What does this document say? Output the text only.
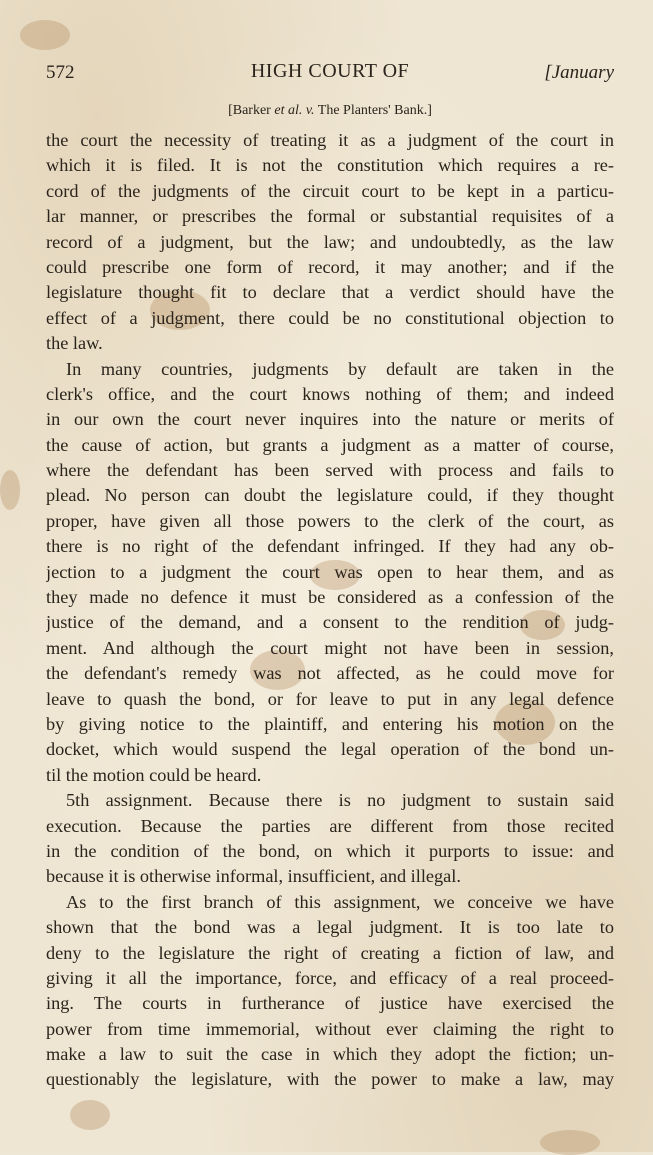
572	HIGH COURT OF	[January
[Barker et al. v. The Planters' Bank.]
the court the necessity of treating it as a judgment of the court in
which it is filed. It is not the constitution which requires a re-
cord of the judgments of the circuit court to be kept in a particu-
lar manner, or prescribes the formal or substantial requisites of a
record of a judgment, but the law; and undoubtedly, as the law
could prescribe one form of record, it may another; and if the
legislature thought fit to declare that a verdict should have the
effect of a judgment, there could be no constitutional objection to
the law.
In many countries, judgments by default are taken in the
clerk's office, and the court knows nothing of them; and indeed
in our own the court never inquires into the nature or merits of
the cause of action, but grants a judgment as a matter of course,
where the defendant has been served with process and fails to
plead. No person can doubt the legislature could, if they thought
proper, have given all those powers to the clerk of the court, as
there is no right of the defendant infringed. If they had any ob-
jection to a judgment the court was open to hear them, and as
they made no defence it must be considered as a confession of the
justice of the demand, and a consent to the rendition of judg-
ment. And although the court might not have been in session,
the defendant's remedy was not affected, as he could move for
leave to quash the bond, or for leave to put in any legal defence
by giving notice to the plaintiff, and entering his motion on the
docket, which would suspend the legal operation of the bond un-
til the motion could be heard.
5th assignment. Because there is no judgment to sustain said
execution. Because the parties are different from those recited
in the condition of the bond, on which it purports to issue: and
because it is otherwise informal, insufficient, and illegal.
As to the first branch of this assignment, we conceive we have
shown that the bond was a legal judgment. It is too late to
deny to the legislature the right of creating a fiction of law, and
giving it all the importance, force, and efficacy of a real proceed-
ing. The courts in furtherance of justice have exercised the
power from time immemorial, without ever claiming the right to
make a law to suit the case in which they adopt the fiction; un-
questionably the legislature, with the power to make a law, may
